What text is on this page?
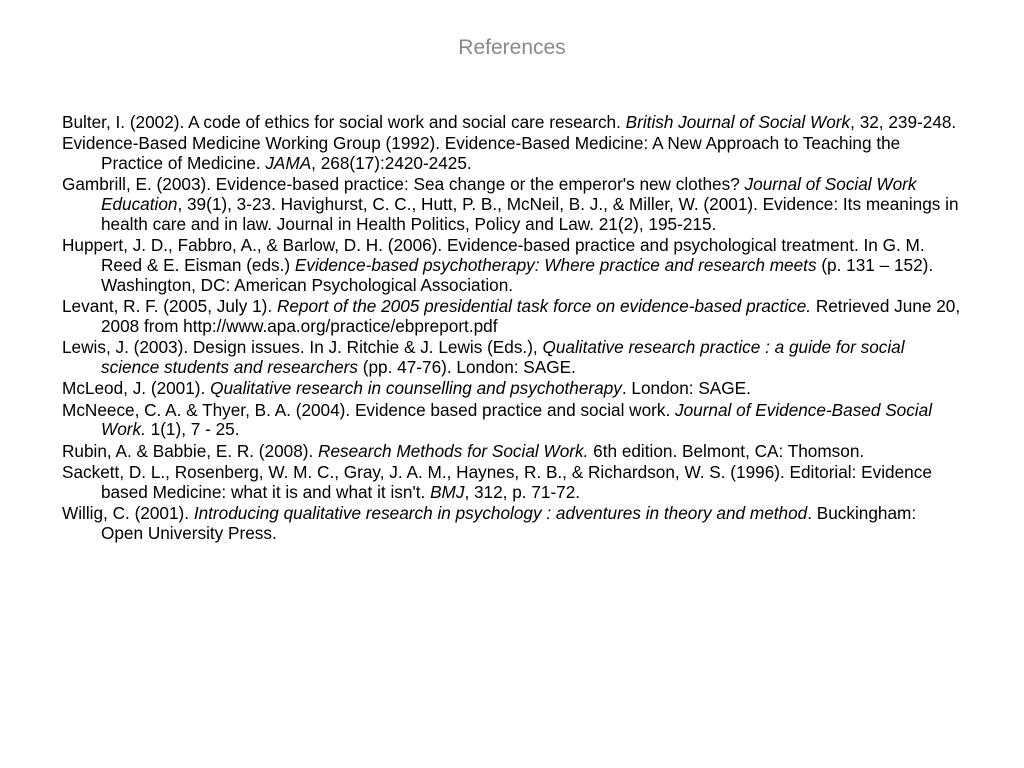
References
Bulter, I. (2002). A code of ethics for social work and social care research. British Journal of Social Work, 32, 239-248.
Evidence-Based Medicine Working Group (1992). Evidence-Based Medicine: A New Approach to Teaching the Practice of Medicine. JAMA, 268(17):2420-2425.
Gambrill, E. (2003). Evidence-based practice: Sea change or the emperor's new clothes? Journal of Social Work Education, 39(1), 3-23. Havighurst, C. C., Hutt, P. B., McNeil, B. J., & Miller, W. (2001). Evidence: Its meanings in health care and in law. Journal in Health Politics, Policy and Law. 21(2), 195-215.
Huppert, J. D., Fabbro, A., & Barlow, D. H. (2006). Evidence-based practice and psychological treatment. In G. M. Reed & E. Eisman (eds.) Evidence-based psychotherapy: Where practice and research meets (p. 131 – 152). Washington, DC: American Psychological Association.
Levant, R. F. (2005, July 1). Report of the 2005 presidential task force on evidence-based practice. Retrieved June 20, 2008 from http://www.apa.org/practice/ebpreport.pdf
Lewis, J. (2003). Design issues. In J. Ritchie & J. Lewis (Eds.), Qualitative research practice : a guide for social science students and researchers (pp. 47-76). London: SAGE.
McLeod, J. (2001). Qualitative research in counselling and psychotherapy. London: SAGE.
McNeece, C. A. & Thyer, B. A. (2004). Evidence based practice and social work. Journal of Evidence-Based Social Work. 1(1), 7 - 25.
Rubin, A. & Babbie, E. R. (2008). Research Methods for Social Work. 6th edition. Belmont, CA: Thomson.
Sackett, D. L., Rosenberg, W. M. C., Gray, J. A. M., Haynes, R. B., & Richardson, W. S. (1996). Editorial: Evidence based Medicine: what it is and what it isn't. BMJ, 312, p. 71-72.
Willig, C. (2001). Introducing qualitative research in psychology : adventures in theory and method. Buckingham: Open University Press.
